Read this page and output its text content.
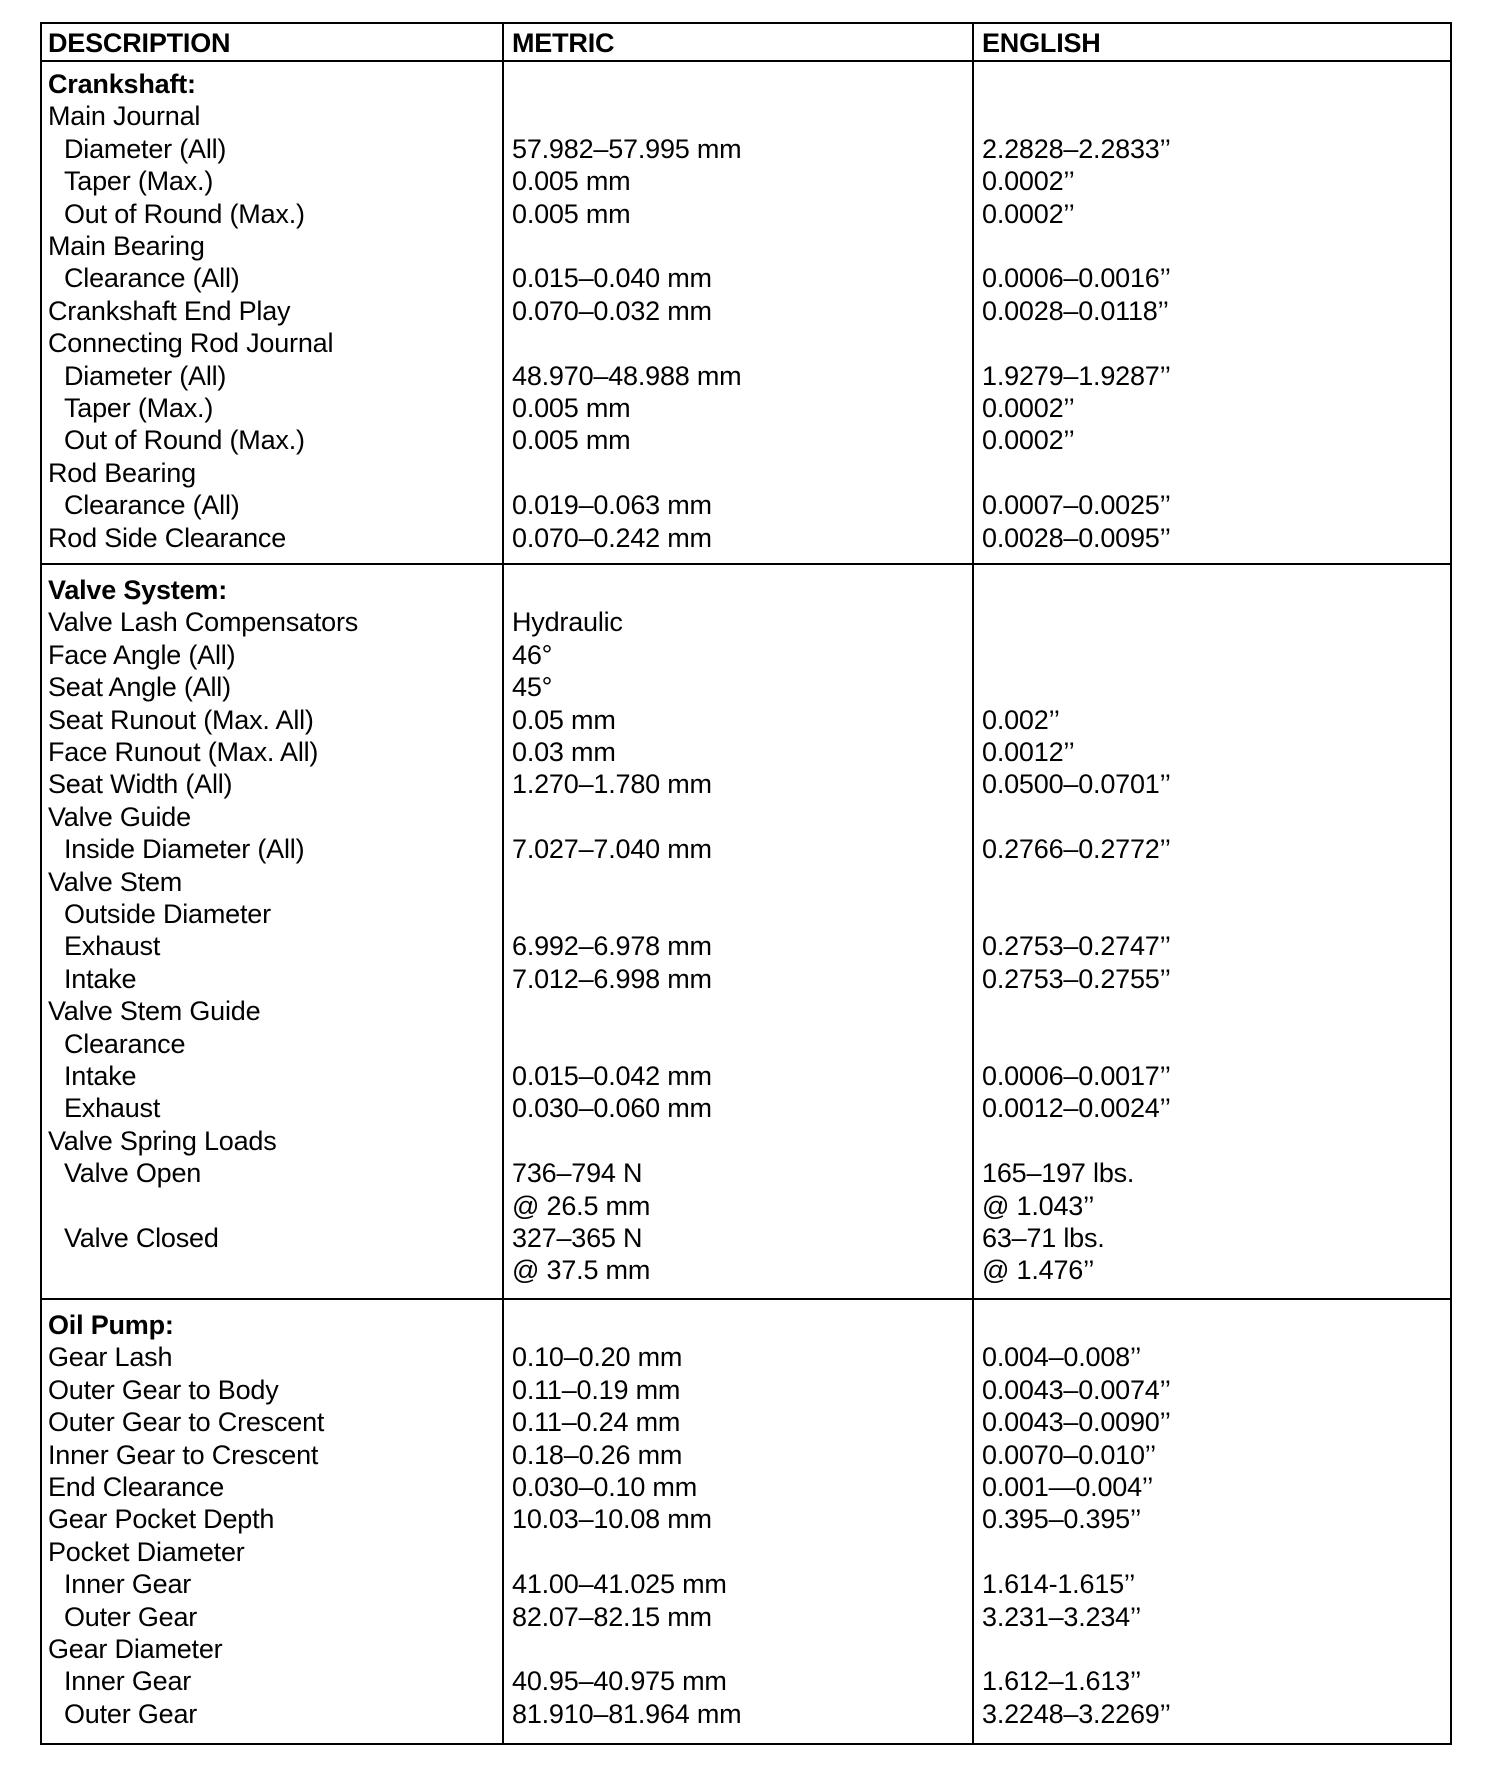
DESCRIPTION	METRIC	ENGLISH
Crankshaft:
Main Journal
Diameter (All)	57.982–57.995 mm	2.2828–2.2833’’
Taper (Max.)	0.005 mm	0.0002’’
Out of Round (Max.)	0.005 mm	0.0002’’
Main Bearing
Clearance (All)	0.015–0.040 mm	0.0006–0.0016’’
Crankshaft End Play	0.070–0.032 mm	0.0028–0.0118’’
Connecting Rod Journal
Diameter (All)	48.970–48.988 mm	1.9279–1.9287’’
Taper (Max.)	0.005 mm	0.0002’’
Out of Round (Max.)	0.005 mm	0.0002’’
Rod Bearing
Clearance (All)	0.019–0.063 mm	0.0007–0.0025’’
Rod Side Clearance	0.070–0.242 mm	0.0028–0.0095’’
Valve System:
Valve Lash Compensators	Hydraulic
Face Angle (All)	46°
Seat Angle (All)	45°
Seat Runout (Max. All)	0.05 mm	0.002’’
Face Runout (Max. All)	0.03 mm	0.0012’’
Seat Width (All)	1.270–1.780 mm	0.0500–0.0701’’
Valve Guide
Inside Diameter (All)	7.027–7.040 mm	0.2766–0.2772’’
Valve Stem
Outside Diameter
Exhaust	6.992–6.978 mm	0.2753–0.2747’’
Intake	7.012–6.998 mm	0.2753–0.2755’’
Valve Stem Guide
Clearance
Intake	0.015–0.042 mm	0.0006–0.0017’’
Exhaust	0.030–0.060 mm	0.0012–0.0024’’
Valve Spring Loads
Valve Open	736–794 N	165–197 lbs.
@ 26.5 mm	@ 1.043’’
Valve Closed	327–365 N	63–71 lbs.
@ 37.5 mm	@ 1.476’’
Oil Pump:
Gear Lash	0.10–0.20 mm	0.004–0.008’’
Outer Gear to Body	0.11–0.19 mm	0.0043–0.0074’’
Outer Gear to Crescent	0.11–0.24 mm	0.0043–0.0090’’
Inner Gear to Crescent	0.18–0.26 mm	0.0070–0.010’’
End Clearance	0.030–0.10 mm	0.001—0.004’’
Gear Pocket Depth	10.03–10.08 mm	0.395–0.395’’
Pocket Diameter
Inner Gear	41.00–41.025 mm	1.614-1.615’’
Outer Gear	82.07–82.15 mm	3.231–3.234’’
Gear Diameter
Inner Gear	40.95–40.975 mm	1.612–1.613’’
Outer Gear	81.910–81.964 mm	3.2248–3.2269’’
